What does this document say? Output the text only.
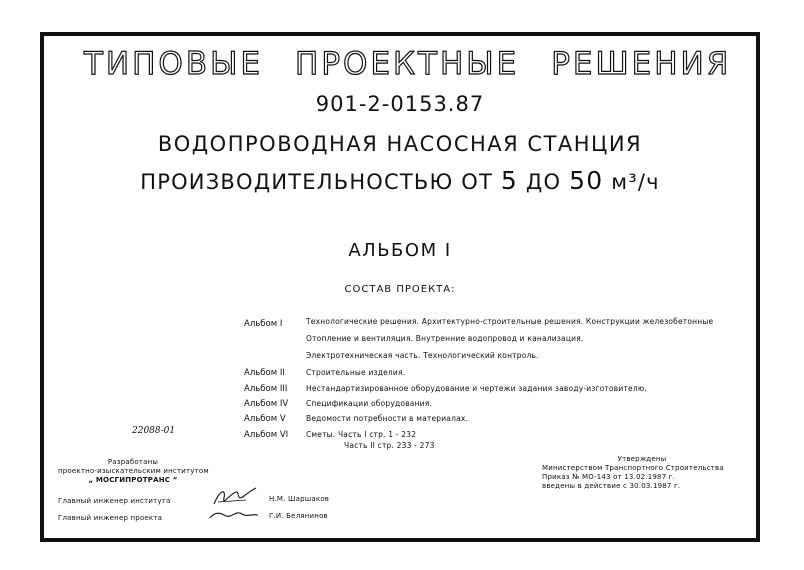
ТИПОВЫЕ ПРОЕКТНЫЕ РЕШЕНИЯ
901-2-0153.87
ВОДОПРОВОДНАЯ НАСОСНАЯ СТАНЦИЯ
ПРОИЗВОДИТЕЛЬНОСТЬЮ ОТ 5 ДО 50 м³/ч
АЛЬБОМ I
СОСТАВ ПРОЕКТА:
Альбом I	Технологические решения. Архитектурно-строительные решения. Конструкции железобетонные
Отопление и вентиляция. Внутренние водопровод и канализация.
Электротехническая часть. Технологический контроль.
Альбом II	Строительные изделия.
Альбом III Нестандартизированное оборудование и чертежи задания заводу-изготовителю.
Альбом IV Спецификации оборудования.
Альбом V	Ведомости потребности в материалах.
Альбом VI Сметы. Часть I стр. 1 - 232
Часть II стр. 233 - 273
22088-01
Разработаны
проектно-изыскательским институтом
„ МОСГИПРОТРАНС “
Главный инженер института
Главный инженер проекта
Н.М. Шаршаков
Г.И. Белянинов
Утверждены
Министерством Транспортного Строительства
Приказ № МО-143 от 13.02.1987 г.
введены в действие с 30.03.1987 г.
